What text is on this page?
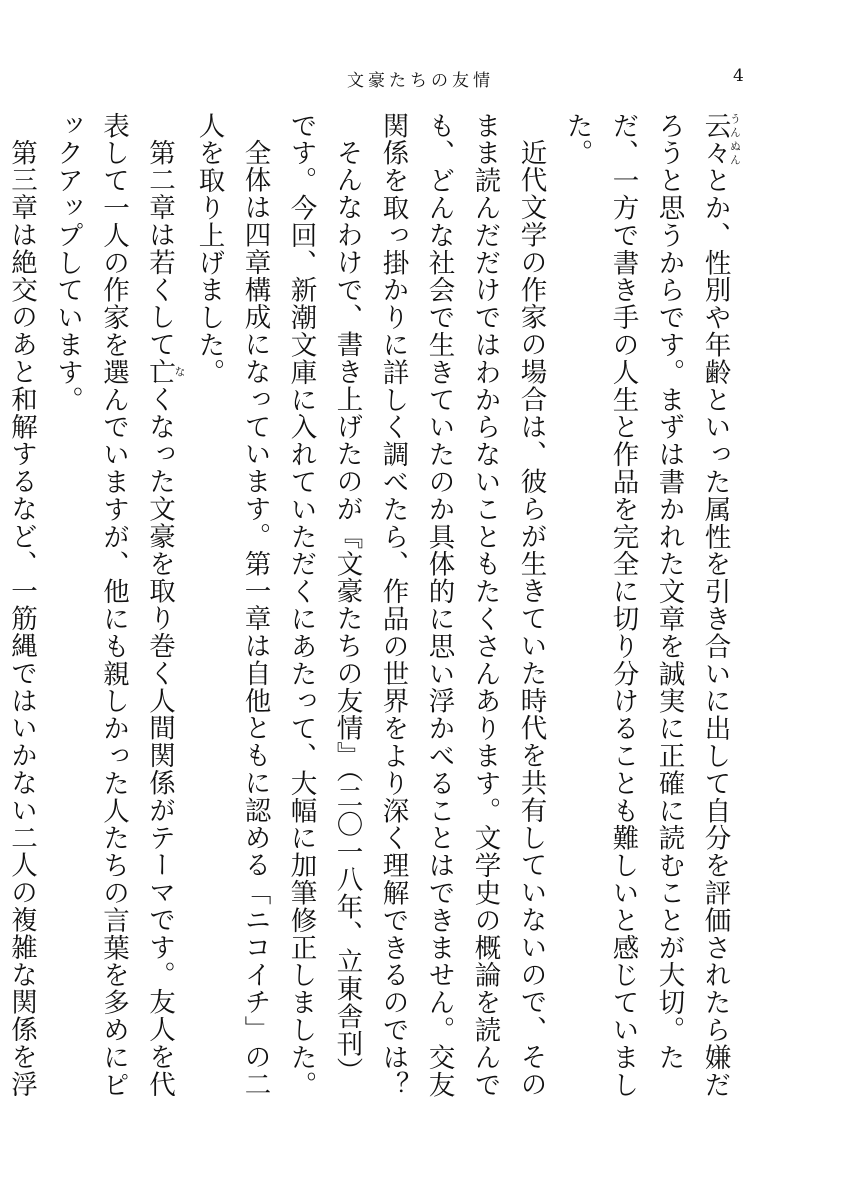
文豪たちの友情	4

云々うんぬんとか、性別や年齢といった属性を引き合いに出して自分を評価されたら嫌だろうと思うからです。まずは書かれた文章を誠実に正確に読むことが大切。ただ、一方で書き手の人生と作品を完全に切り分けることも難しいと感じていました。

近代文学の作家の場合は、彼らが生きていた時代を共有していないので、そのまま読んだだけではわからないこともたくさんあります。文学史の概論を読んでも、どんな社会で生きていたのか具体的に思い浮かべることはできません。交友関係を取っ掛かりに詳しく調べたら、作品の世界をより深く理解できるのでは？

そんなわけで、書き上げたのが『文豪たちの友情』（二〇一八年、立東舎刊）です。今回、新潮文庫に入れていただくにあたって、大幅に加筆修正しました。

全体は四章構成になっています。第一章は自他ともに認める「ニコイチ」の二人を取り上げました。

第二章は若くして亡なくなった文豪を取り巻く人間関係がテーマです。友人を代表して一人の作家を選んでいますが、他にも親しかった人たちの言葉を多めにピックアップしています。

第三章は絶交のあと和解するなど、一筋縄ではいかない二人の複雑な関係を浮
